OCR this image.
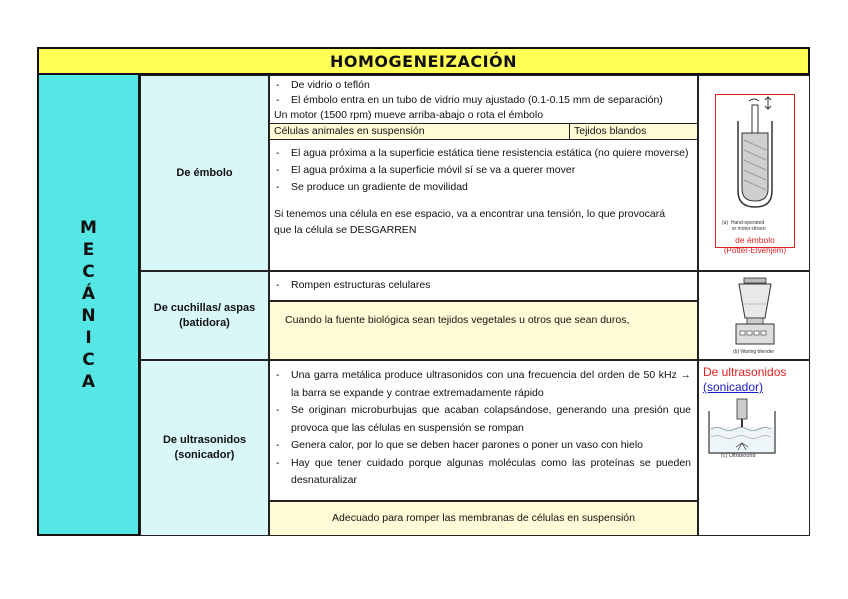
HOMOGENEIZACIÓN
M
E
C
Á
N
I
C
A
De émbolo
- De vidrio o teflón
- El émbolo entra en un tubo de vidrio muy ajustado (0.1-0.15 mm de separación)
Un motor (1500 rpm) mueve arriba-abajo o rota el émbolo
Células animales en suspensión	Tejidos blandos
- El agua próxima a la superficie estática tiene resistencia estática (no quiere moverse)
- El agua próxima a la superficie móvil sí se va a querer mover
- Se produce un gradiente de movilidad
Si tenemos una célula en ese espacio, va a encontrar una tensión, lo que provocará que la célula se DESGARREN
(a)  Hand-operated
or motor-driven
de émbolo
(Potter-Elvehjem)
De cuchillas/ aspas (batidora)
- Rompen estructuras celulares
Cuando la fuente biológica sean tejidos vegetales u otros que sean duros,
(b) Waring blender
De ultrasonidos (sonicador)
- Una garra metálica produce ultrasonidos con una frecuencia del orden de 50 kHz → la barra se expande y contrae extremadamente rápido
- Se originan microburbujas que acaban colapsándose, generando una presión que provoca que las células en suspensión se rompan
- Genera calor, por lo que se deben hacer parones o poner un vaso con hielo
- Hay que tener cuidado porque algunas moléculas como las proteínas se pueden desnaturalizar
Adecuado para romper las membranas de células en suspensión
De ultrasonidos
(sonicador)
(c) Ultrasound
